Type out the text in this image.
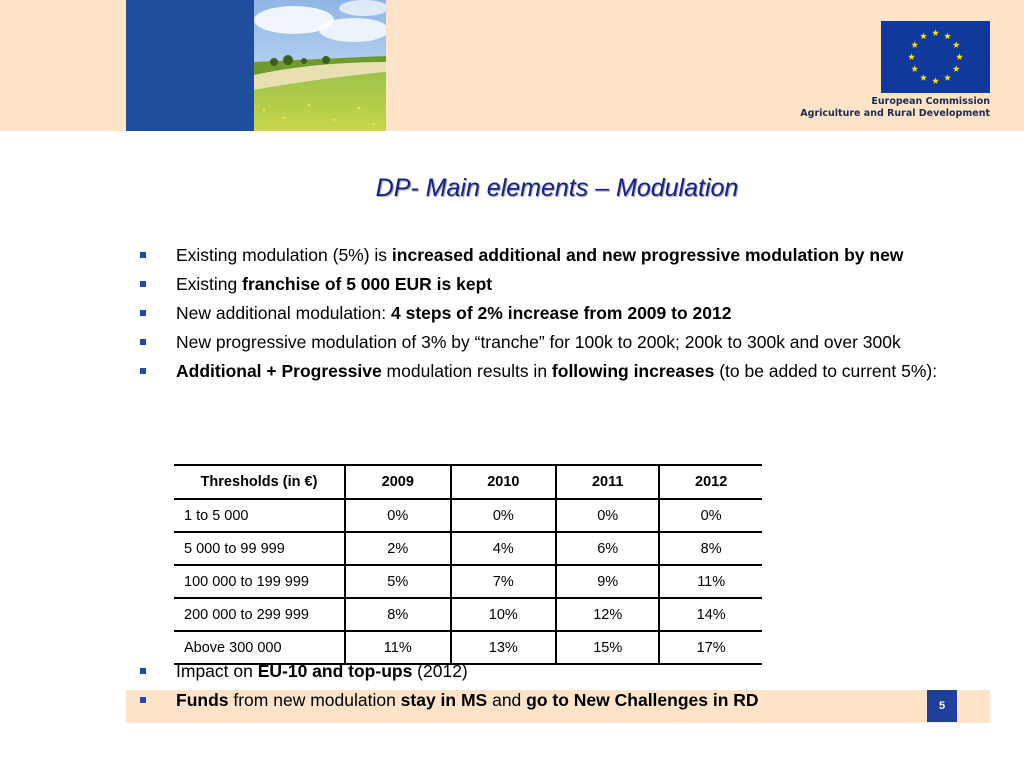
European Commission
Agriculture and Rural Development
DP- Main elements – Modulation
Existing modulation (5%) is increased additional and new progressive modulation by new
Existing franchise of 5 000 EUR is kept
New additional modulation: 4 steps of 2% increase from 2009 to 2012
New progressive modulation of 3% by “tranche” for 100k to 200k; 200k to 300k and over 300k
Additional + Progressive modulation results in following increases (to be added to current 5%):
Thresholds (in €)	2009	2010	2011	2012
1 to 5 000	0%	0%	0%	0%
5 000 to 99 999	2%	4%	6%	8%
100 000 to 199 999	5%	7%	9%	11%
200 000 to 299 999	8%	10%	12%	14%
Above 300 000	11%	13%	15%	17%
Impact on EU-10 and top-ups (2012)
Funds from new modulation stay in MS and go to New Challenges in RD	5
